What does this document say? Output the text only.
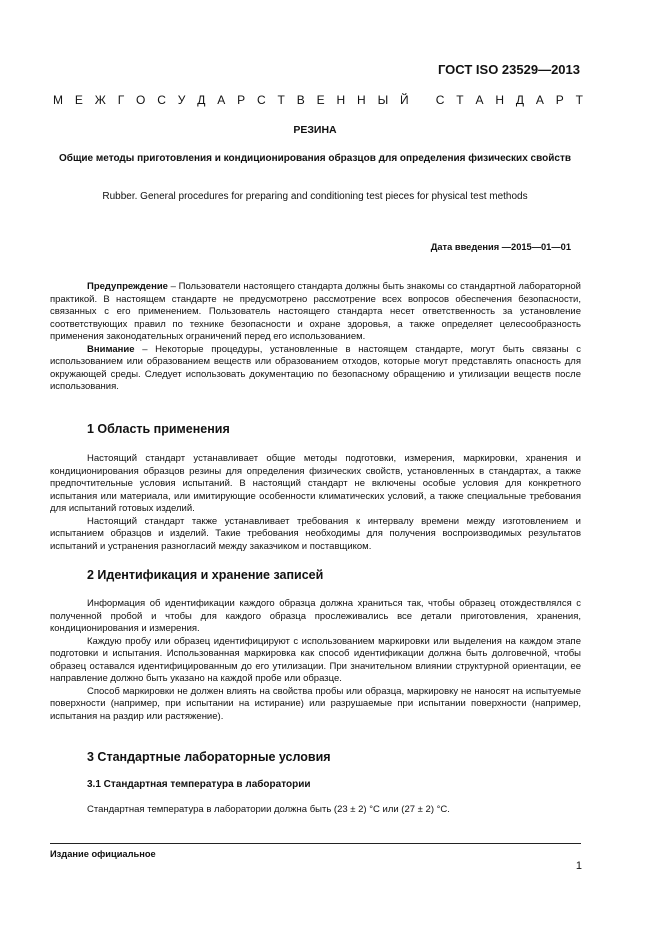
ГОСТ ISO 23529—2013
М Е Ж Г О С У Д А Р С Т В Е Н Н Ы Й
С Т А Н Д А Р Т
РЕЗИНА
Общие методы приготовления и кондиционирования образцов для определения физических свойств
Rubber. General procedures for preparing and conditioning test pieces for physical test methods
Дата введения —2015—01—01

Предупреждение – Пользователи настоящего стандарта должны быть знакомы со стандартной лабораторной практикой. В настоящем стандарте не предусмотрено рассмотрение всех вопросов обеспечения безопасности, связанных с его применением. Пользователь настоящего стандарта несет ответственность за установление соответствующих правил по технике безопасности и охране здоровья, а также определяет целесообразность применения законодательных ограничений перед его использованием.

Внимание – Некоторые процедуры, установленные в настоящем стандарте, могут быть связаны с использованием или образованием веществ или образованием отходов, которые могут представлять опасность для окружающей среды. Следует использовать документацию по безопасному обращению и утилизации веществ после использования.

1 Область применения

Настоящий стандарт устанавливает общие методы подготовки, измерения, маркировки, хранения и кондиционирования образцов резины для определения физических свойств, установленных в стандартах, а также предпочтительные условия испытаний. В настоящий стандарт не включены особые условия для конкретного испытания или материала, или имитирующие особенности климатических условий, а также специальные требования для испытаний готовых изделий.

Настоящий стандарт также устанавливает требования к интервалу времени между изготовлением и испытанием образцов и изделий. Такие требования необходимы для получения воспроизводимых результатов испытаний и устранения разногласий между заказчиком и поставщиком.

2 Идентификация и хранение записей

Информация об идентификации каждого образца должна храниться так, чтобы образец отождествлялся с полученной пробой и чтобы для каждого образца прослеживались все детали приготовления, хранения, кондиционирования и измерения.

Каждую пробу или образец идентифицируют с использованием маркировки или выделения на каждом этапе подготовки и испытания. Использованная маркировка как способ идентификации должна быть долговечной, чтобы образец оставался идентифицированным до его утилизации. При значительном влиянии структурной ориентации, ее направление должно быть указано на каждой пробе или образце.

Способ маркировки не должен влиять на свойства пробы или образца, маркировку не наносят на испытуемые поверхности (например, при испытании на истирание) или разрушаемые при испытании поверхности (например, испытания на раздир или растяжение).

3 Стандартные лабораторные условия
3.1 Стандартная температура в лаборатории

Стандартная температура в лаборатории должна быть (23 ± 2) °С или (27 ± 2) °С.

Издание официальное
1
